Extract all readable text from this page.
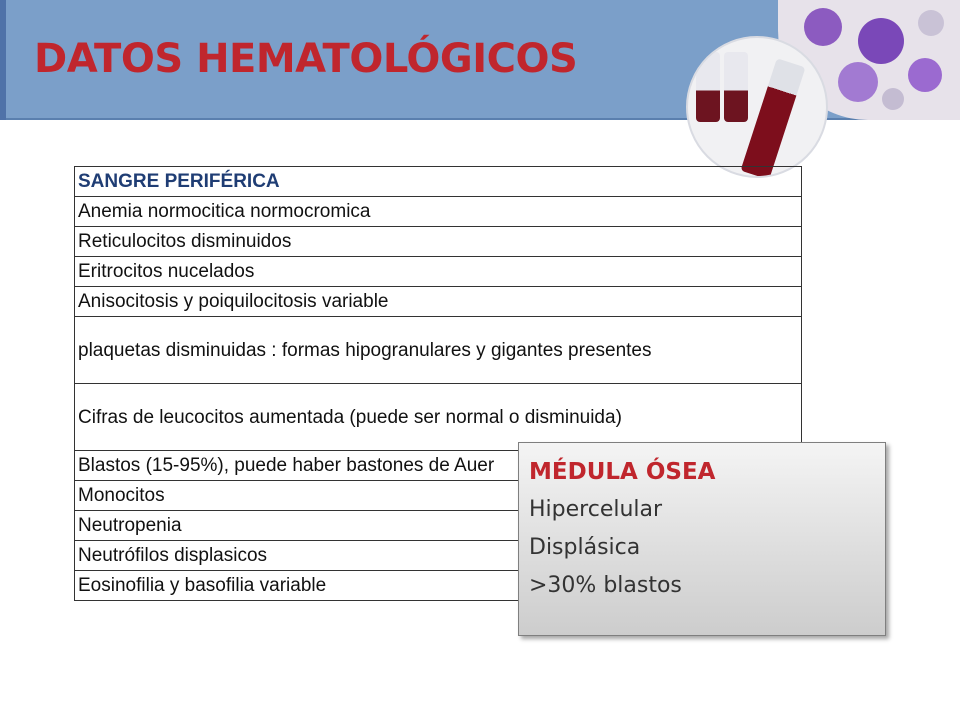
DATOS HEMATOLÓGICOS
SANGRE PERIFÉRICA
Anemia normocitica normocromica
Reticulocitos disminuidos
Eritrocitos nucelados
Anisocitosis y poiquilocitosis variable
plaquetas disminuidas : formas hipogranulares y gigantes presentes
Cifras de leucocitos aumentada (puede ser normal o disminuida)
Blastos (15-95%), puede haber bastones de Auer
Monocitos
Neutropenia
Neutrófilos displasicos
Eosinofilia y basofilia variable
MÉDULA ÓSEA
Hipercelular
Displásica
>30% blastos
